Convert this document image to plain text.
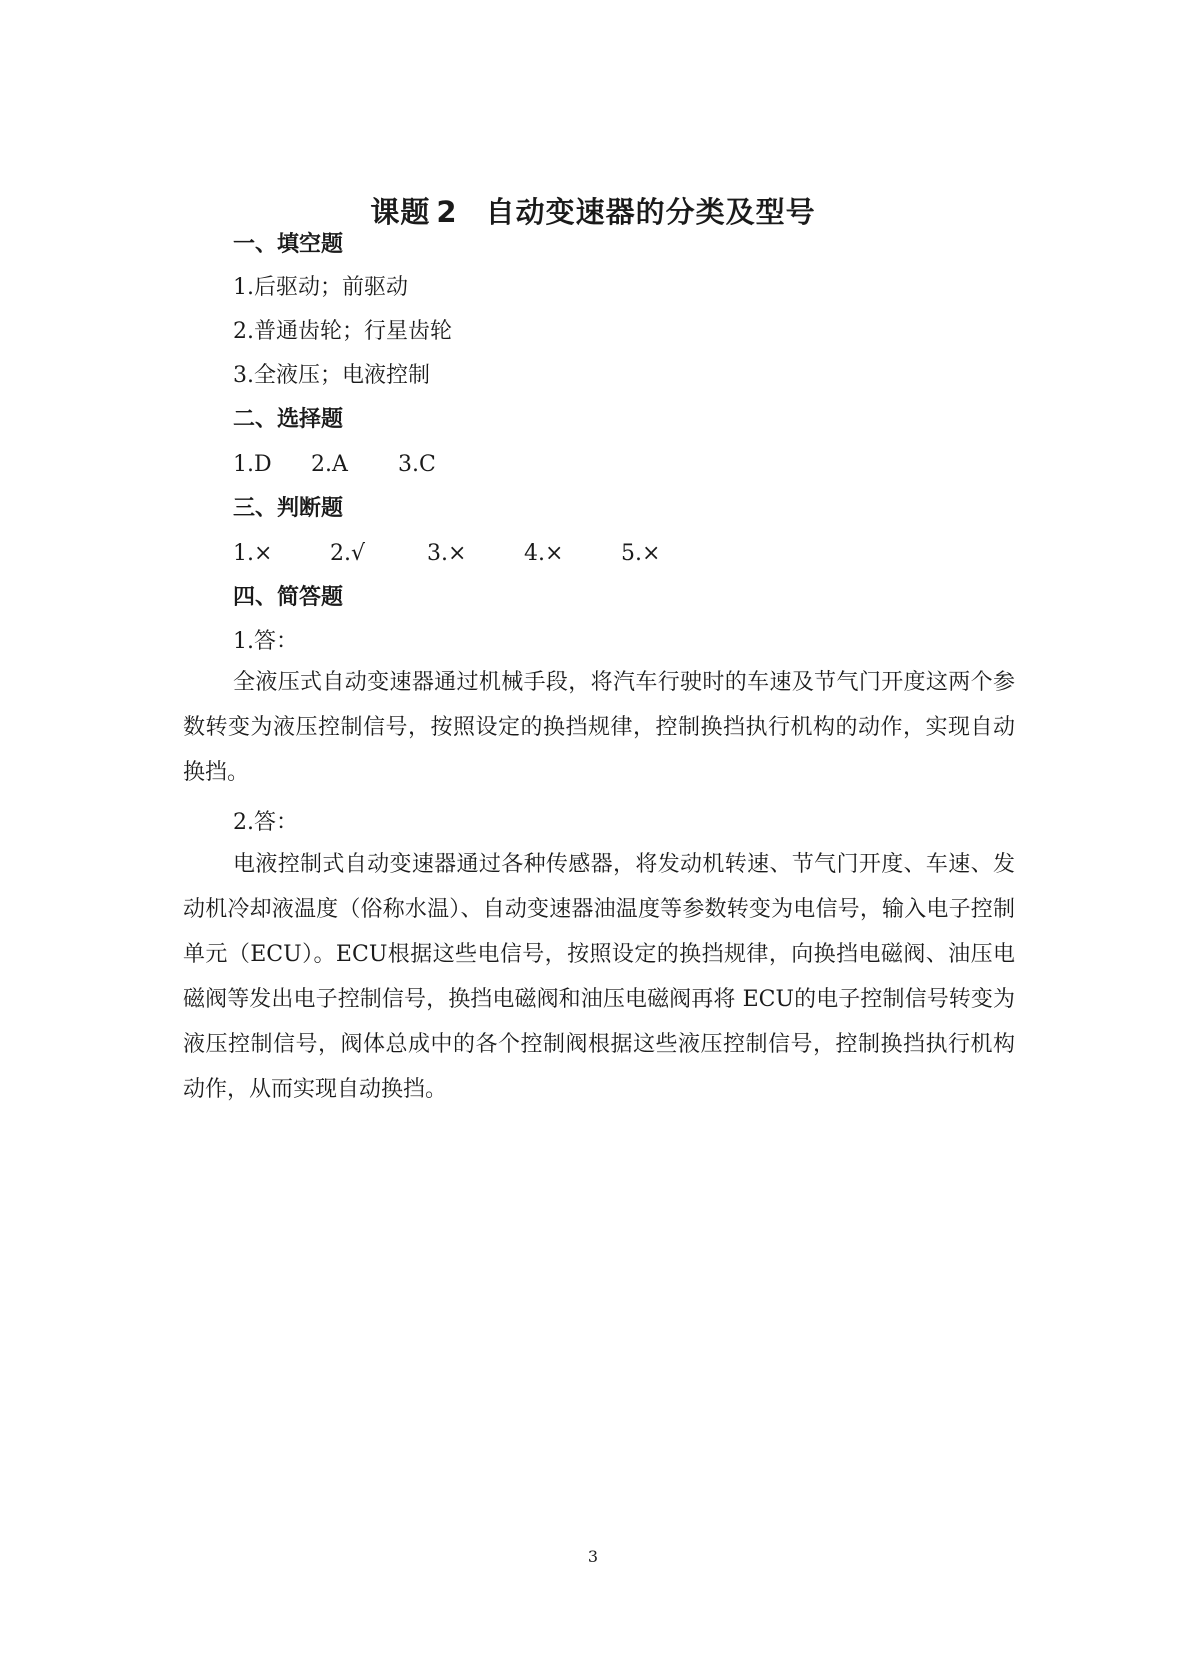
课题 2 自动变速器的分类及型号
一、填空题
1.后驱动；前驱动
2.普通齿轮；行星齿轮
3.全液压；电液控制
二、选择题
1.D 2.A 3.C
三、判断题
1.×	2.√	3.×	4.×	5.×
四、简答题
1.答：
全液压式自动变速器通过机械手段，将汽车行驶时的车速及节气门开度这两个参数转变为液压控制信号，按照设定的换挡规律，控制换挡执行机构的动作，实现自动换挡。
2.答：
电液控制式自动变速器通过各种传感器，将发动机转速、节气门开度、车速、发动机冷却液温度（俗称水温）、自动变速器油温度等参数转变为电信号，输入电子控制单元（ECU）。ECU根据这些电信号，按照设定的换挡规律，向换挡电磁阀、油压电磁阀等发出电子控制信号，换挡电磁阀和油压电磁阀再将 ECU的电子控制信号转变为液压控制信号，阀体总成中的各个控制阀根据这些液压控制信号，控制换挡执行机构动作，从而实现自动换挡。
3
